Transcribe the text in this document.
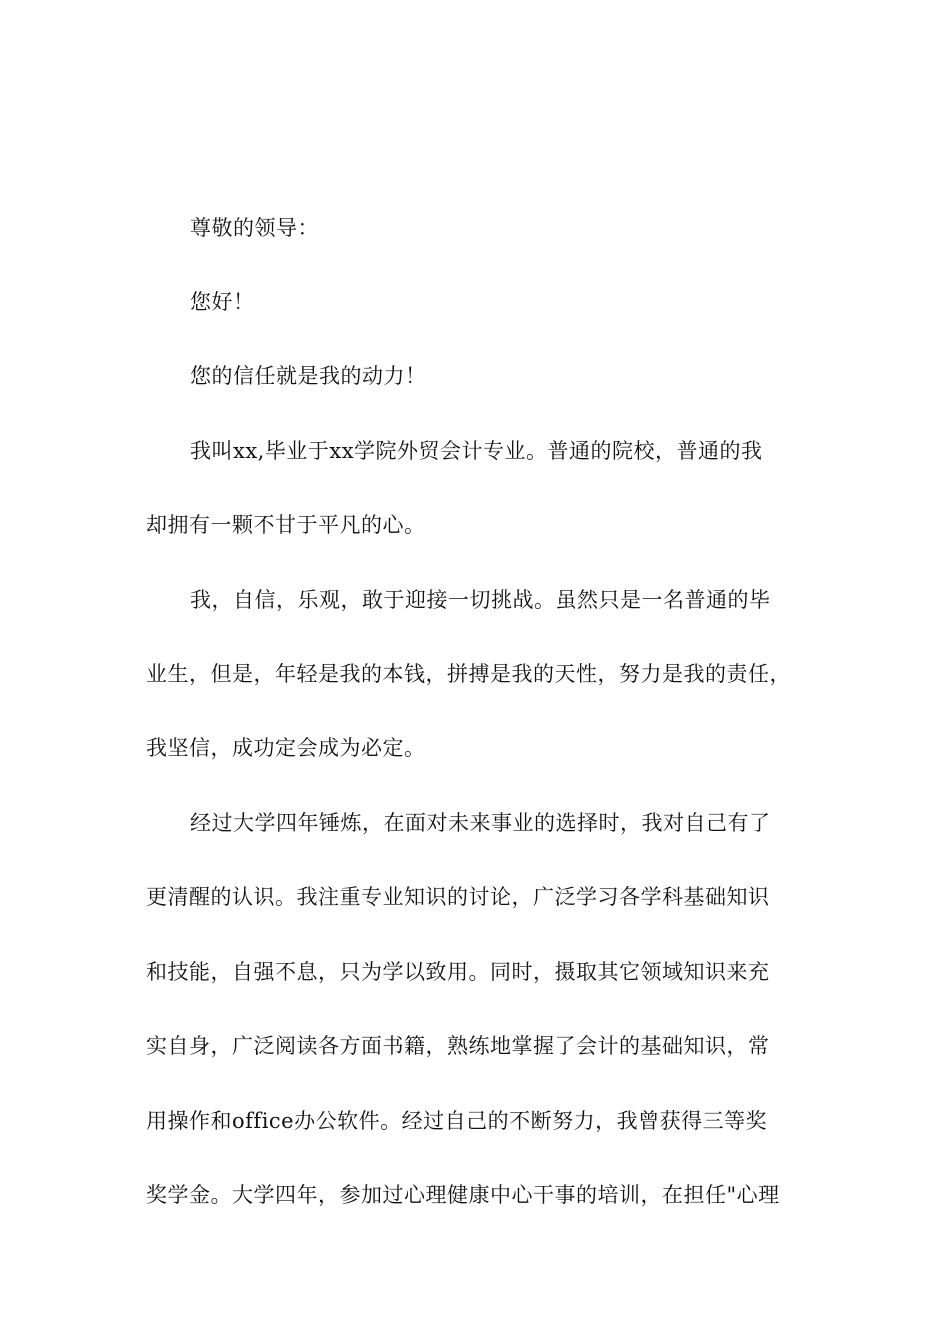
尊敬的领导：
您好！
您的信任就是我的动力！
我叫xx,毕业于xx学院外贸会计专业。普通的院校，普通的我
却拥有一颗不甘于平凡的心。
我，自信，乐观，敢于迎接一切挑战。虽然只是一名普通的毕
业生，但是，年轻是我的本钱，拼搏是我的天性，努力是我的责任，
我坚信，成功定会成为必定。
经过大学四年锤炼，在面对未来事业的选择时，我对自己有了
更清醒的认识。我注重专业知识的讨论，广泛学习各学科基础知识
和技能，自强不息，只为学以致用。同时，摄取其它领域知识来充
实自身，广泛阅读各方面书籍，熟练地掌握了会计的基础知识，常
用操作和office办公软件。经过自己的不断努力，我曾获得三等奖
奖学金。大学四年，参加过心理健康中心干事的培训，在担任"心理
